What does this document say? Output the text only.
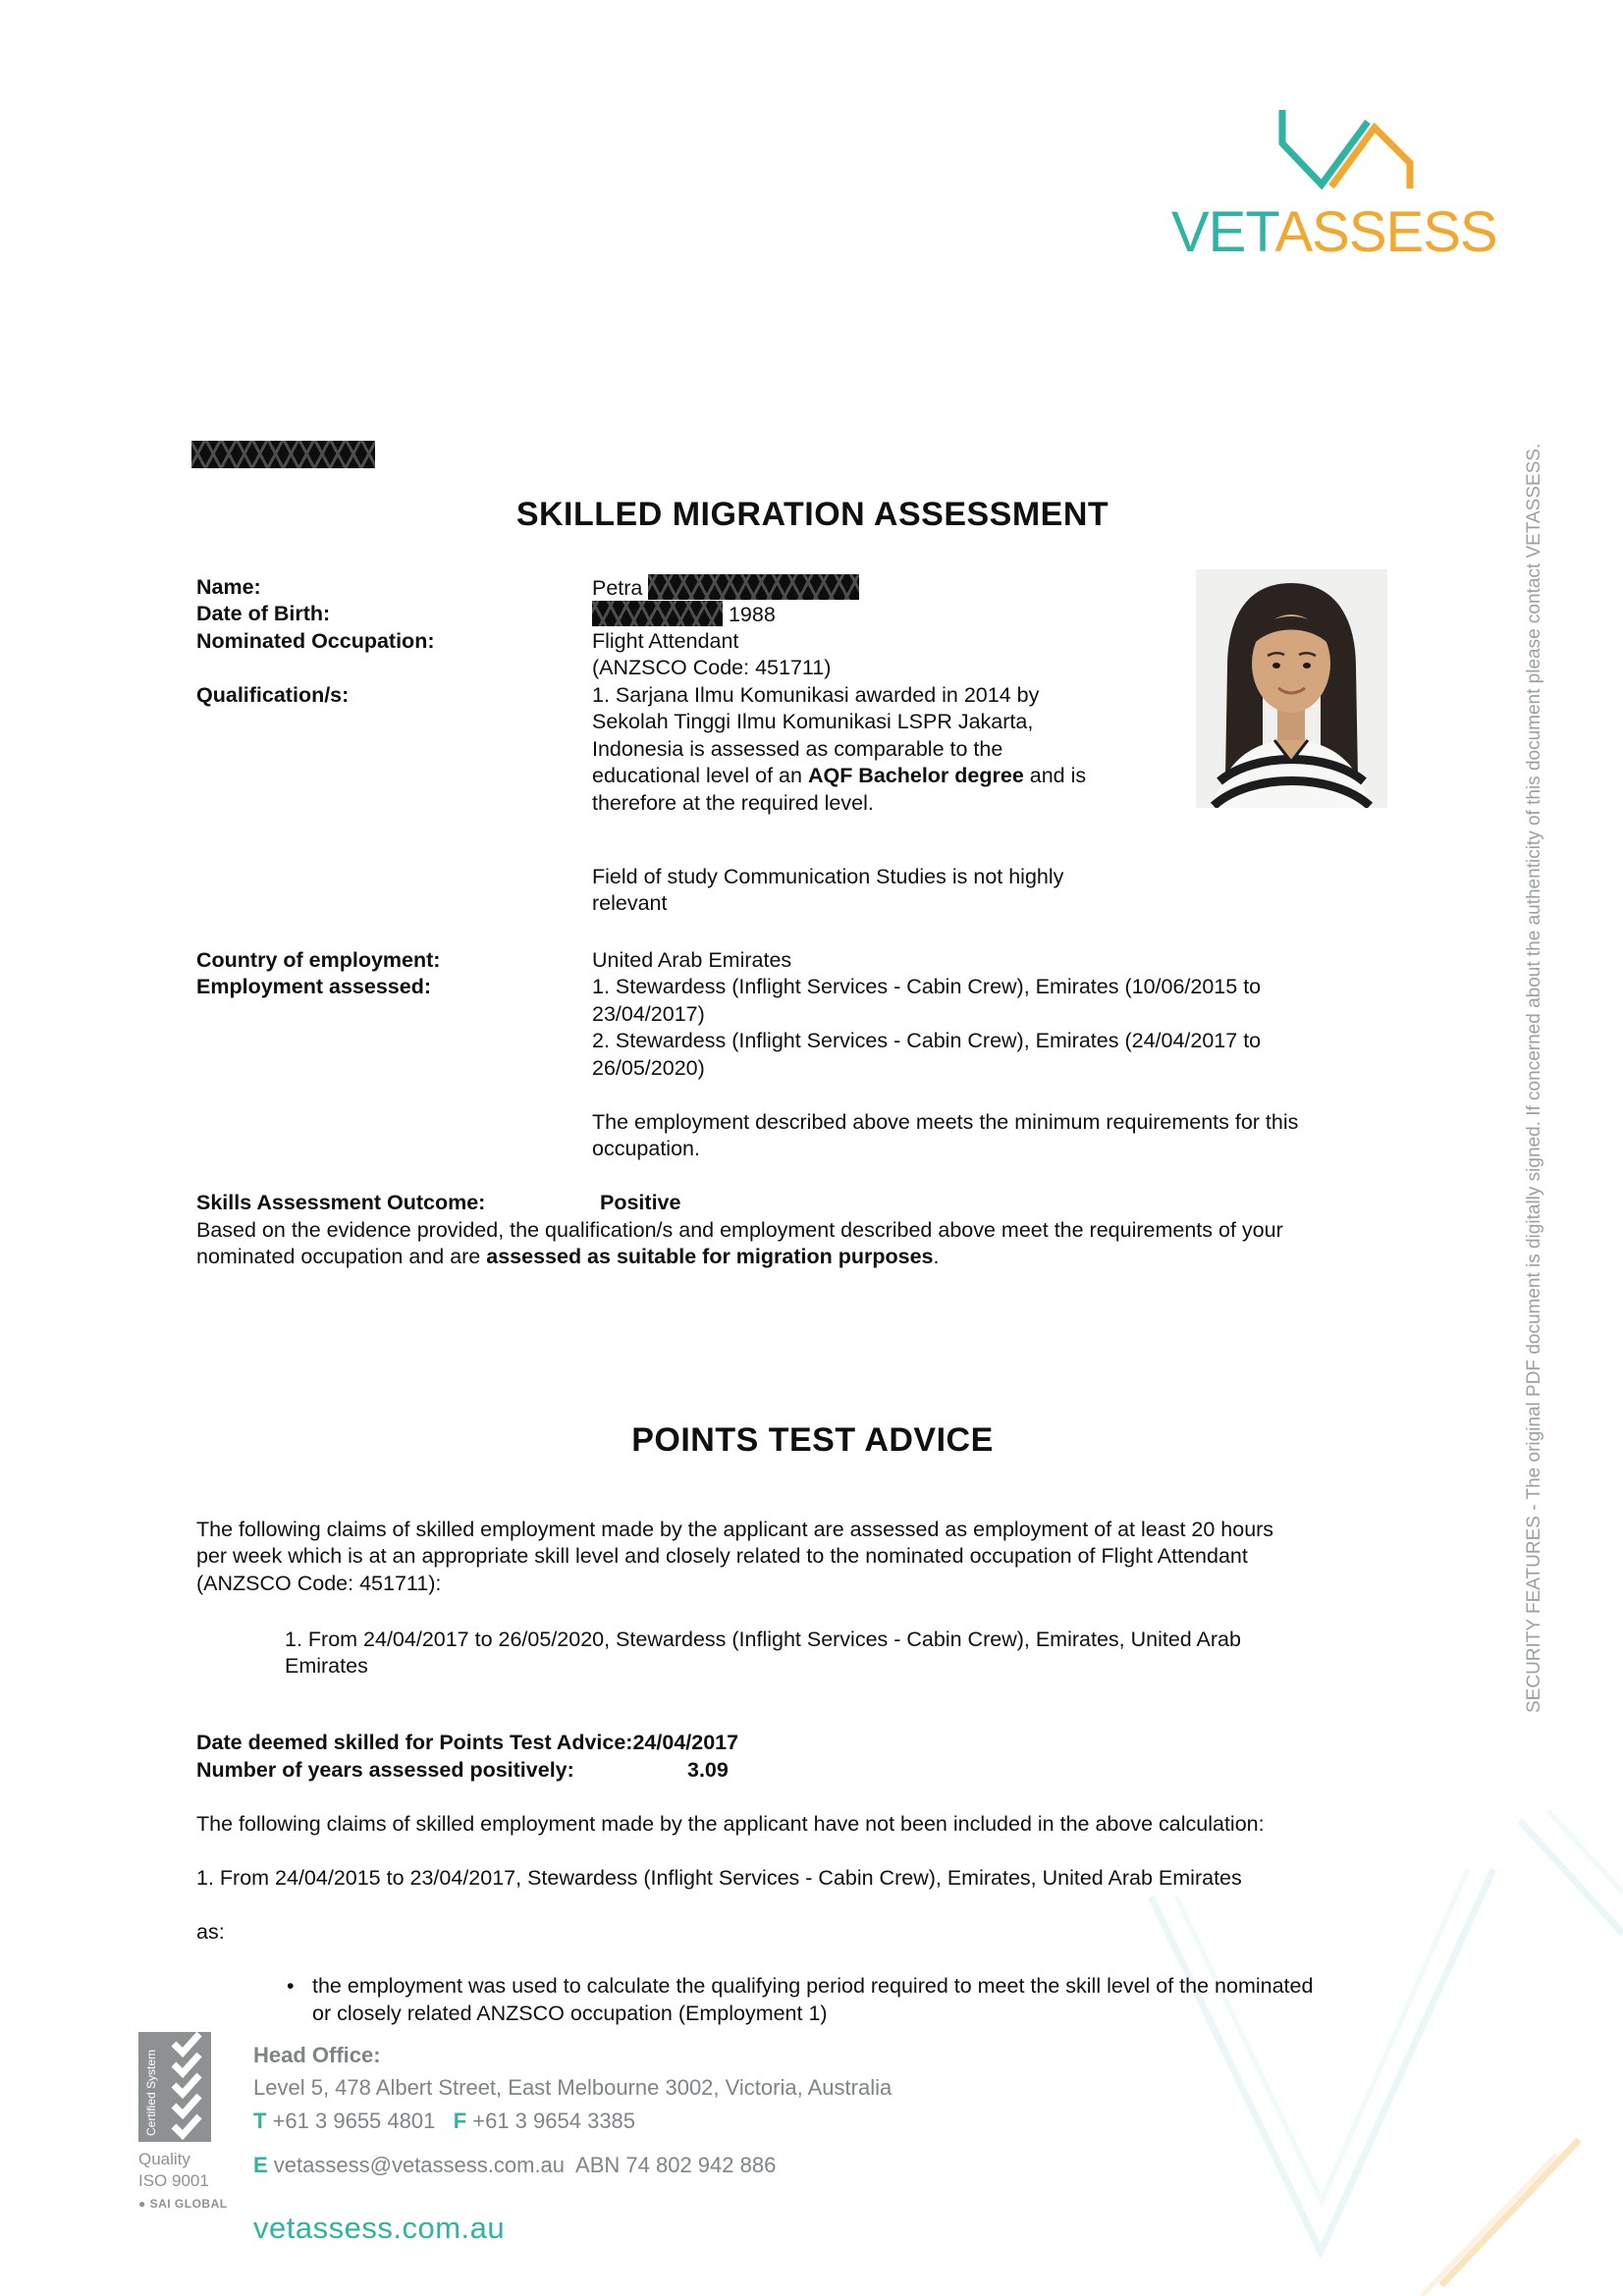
VETASSESS
SECURITY FEATURES - The original PDF document is digitally signed. If concerned about the authenticity of this document please contact VETASSESS.
SKILLED MIGRATION ASSESSMENT
Name:
Date of Birth:
Nominated Occupation:
Qualification/s:
Country of employment:
Employment assessed:
Skills Assessment Outcome:
Petra
1988
Flight Attendant
(ANZSCO Code: 451711)
1. Sarjana Ilmu Komunikasi awarded in 2014 by
Sekolah Tinggi Ilmu Komunikasi LSPR Jakarta,
Indonesia is assessed as comparable to the
educational level of an AQF Bachelor degree and is
therefore at the required level.
Field of study Communication Studies is not highly
relevant
United Arab Emirates
1. Stewardess (Inflight Services - Cabin Crew), Emirates (10/06/2015 to
23/04/2017)
2. Stewardess (Inflight Services - Cabin Crew), Emirates (24/04/2017 to
26/05/2020)
The employment described above meets the minimum requirements for this
occupation.
Positive
Based on the evidence provided, the qualification/s and employment described above meet the requirements of your
nominated occupation and are assessed as suitable for migration purposes.
POINTS TEST ADVICE
The following claims of skilled employment made by the applicant are assessed as employment of at least 20 hours
per week which is at an appropriate skill level and closely related to the nominated occupation of Flight Attendant
(ANZSCO Code: 451711):
1. From 24/04/2017 to 26/05/2020, Stewardess (Inflight Services - Cabin Crew), Emirates, United Arab
Emirates
Date deemed skilled for Points Test Advice:24/04/2017
Number of years assessed positively:	3.09
The following claims of skilled employment made by the applicant have not been included in the above calculation:
1. From 24/04/2015 to 23/04/2017, Stewardess (Inflight Services - Cabin Crew), Emirates, United Arab Emirates
as:
• the employment was used to calculate the qualifying period required to meet the skill level of the nominated
or closely related ANZSCO occupation (Employment 1)
Certified System
Quality
ISO 9001
● SAI GLOBAL
Head Office:
Level 5, 478 Albert Street, East Melbourne 3002, Victoria, Australia
T +61 3 9655 4801 F +61 3 9654 3385
E vetassess@vetassess.com.au ABN 74 802 942 886
vetassess.com.au
